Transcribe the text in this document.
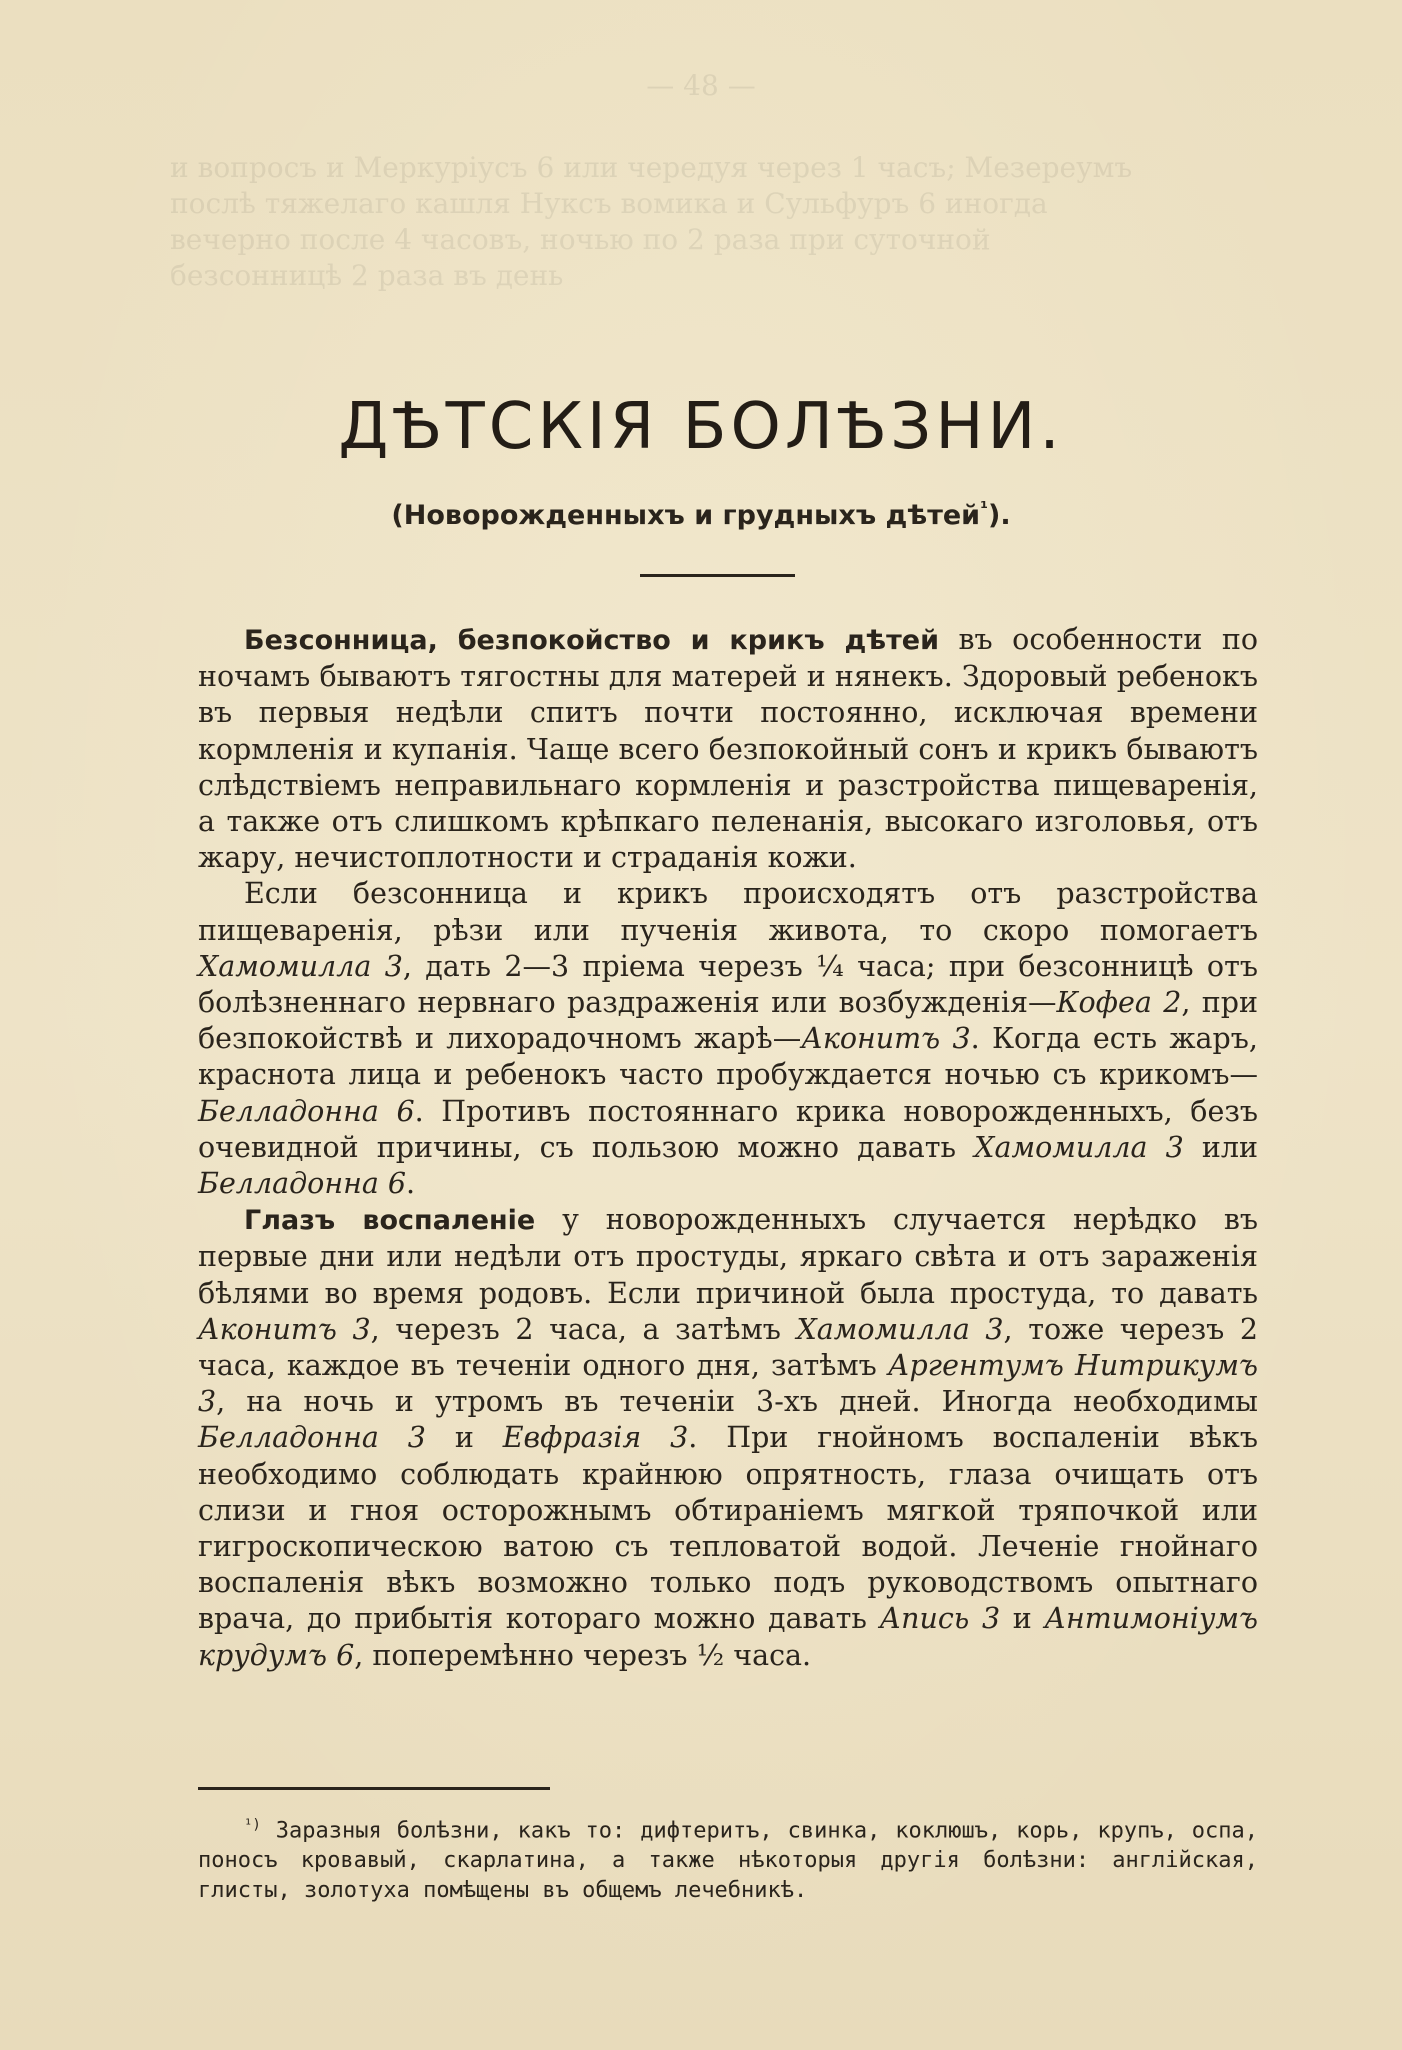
— 48 —
и вопросъ и Меркуріусъ 6 или чередуя через 1 часъ; Мезереумъ
послѣ тяжелаго кашля Нуксъ вомика и Сульфуръ 6 иногда
вечерно после 4 часовъ, ночью по 2 раза при суточной
безсонницѣ 2 раза въ день
ДѢТСКІЯ БОЛѢЗНИ.
(Новорожденныхъ и грудныхъ дѣтей$^{^1}$).

Безсонница, безпокойство и крикъ дѣтей въ особенности по ночамъ бываютъ тягостны для матерей и нянекъ. Здоровый ребенокъ въ первыя недѣли спитъ почти постоянно, исключая времени кормленія и купанія. Чаще всего безпокойный сонъ и крикъ бываютъ слѣдствіемъ неправильнаго кормленія и разстройства пищеваренія, а также отъ слишкомъ крѣпкаго пеленанія, высокаго изголовья, отъ жару, нечистоплотности и страданія кожи.

Если безсонница и крикъ происходятъ отъ разстройства пищеваренія, рѣзи или пученія живота, то скоро помогаетъ Хамомилла 3, дать 2—3 пріема черезъ ¼ часа; при безсонницѣ отъ болѣзненнаго нервнаго раздраженія или возбужденія—Кофеа 2, при безпокойствѣ и лихорадочномъ жарѣ—Аконитъ 3. Когда есть жаръ, краснота лица и ребенокъ часто пробуждается ночью съ крикомъ—Белладонна 6. Противъ постояннаго крика новорожденныхъ, безъ очевидной причины, съ пользою можно давать Хамомилла 3 или Белладонна 6.

Глазъ воспаленіе у новорожденныхъ случается нерѣдко въ первые дни или недѣли отъ простуды, яркаго свѣта и отъ зараженія бѣлями во время родовъ. Если причиной была простуда, то давать Аконитъ 3, черезъ 2 часа, а затѣмъ Хамомилла 3, тоже черезъ 2 часа, каждое въ теченіи одного дня, затѣмъ Аргентумъ Нитрикумъ 3, на ночь и утромъ въ теченіи 3-хъ дней. Иногда необходимы Белладонна 3 и Евфразія 3. При гнойномъ воспаленіи вѣкъ необходимо соблюдать крайнюю опрятность, глаза очищать отъ слизи и гноя осторожнымъ обтираніемъ мягкой тряпочкой или гигроскопическою ватою съ тепловатой водой. Леченіе гнойнаго воспаленія вѣкъ возможно только подъ руководствомъ опытнаго врача, до прибытія котораго можно давать Апись 3 и Антимоніумъ крудумъ 6, поперемѣнно черезъ ½ часа.

$^{^1)}$ Заразныя болѣзни, какъ то: дифтеритъ, свинка, коклюшъ, корь, крупъ, оспа, поносъ кровавый, скарлатина, а также нѣкоторыя другія болѣзни: англійская, глисты, золотуха помѣщены въ общемъ лечебникѣ.
